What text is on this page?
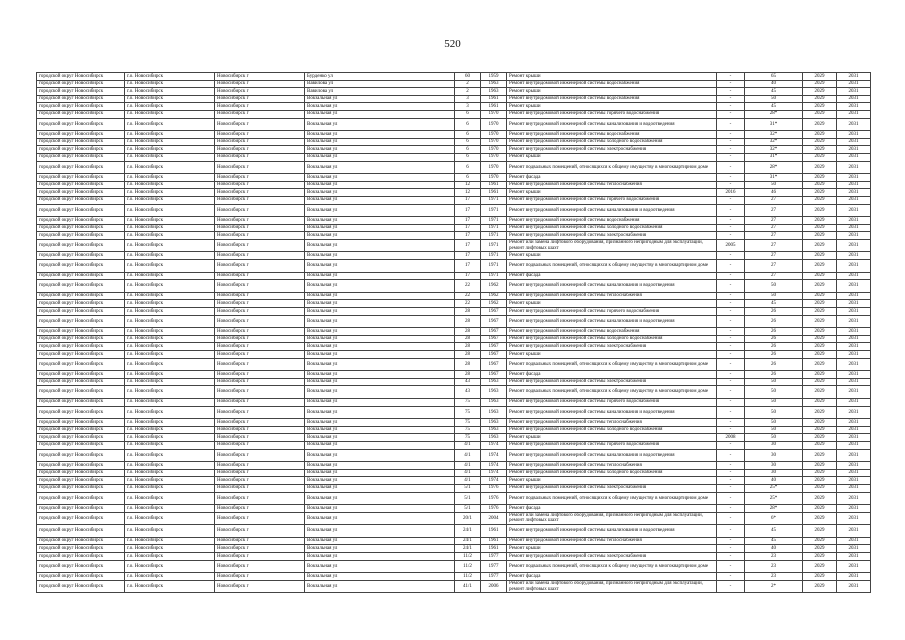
520
городской округ Новосибирск	г.о. Новосибирск	Новосибирск г	Бурденко ул	60	1959	Ремонт крыши	-	65	2029	2031
городской округ Новосибирск	г.о. Новосибирск	Новосибирск г	Вавилова ул	2	1963	Ремонт внутридомовой инженерной системы водоснабжения	-	40	2029	2031
городской округ Новосибирск	г.о. Новосибирск	Новосибирск г	Вавилова ул	2	1963	Ремонт крыши	-	45	2029	2031
городской округ Новосибирск	г.о. Новосибирск	Новосибирск г	Вокзальная ул	3	1961	Ремонт внутридомовой инженерной системы водоснабжения	-	50	2029	2031
городской округ Новосибирск	г.о. Новосибирск	Новосибирск г	Вокзальная ул	3	1961	Ремонт крыши	-	45	2029	2031
городской округ Новосибирск	г.о. Новосибирск	Новосибирск г	Вокзальная ул	6	1970	Ремонт внутридомовой инженерной системы горячего водоснабжения	-	28*	2029	2031
городской округ Новосибирск	г.о. Новосибирск	Новосибирск г	Вокзальная ул	6	1970	Ремонт внутридомовой инженерной системы канализования и водоотведения	-	31*	2029	2031
городской округ Новосибирск	г.о. Новосибирск	Новосибирск г	Вокзальная ул	6	1970	Ремонт внутридомовой инженерной системы водоснабжения	-	32*	2029	2031
городской округ Новосибирск	г.о. Новосибирск	Новосибирск г	Вокзальная ул	6	1970	Ремонт внутридомовой инженерной системы холодного водоснабжения	-	32*	2029	2031
городской округ Новосибирск	г.о. Новосибирск	Новосибирск г	Вокзальная ул	6	1970	Ремонт внутридомовой инженерной системы электроснабжения	-	32*	2029	2031
городской округ Новосибирск	г.о. Новосибирск	Новосибирск г	Вокзальная ул	6	1970	Ремонт крыши	-	31*	2029	2031
городской округ Новосибирск	г.о. Новосибирск	Новосибирск г	Вокзальная ул	6	1970	Ремонт подвальных помещений, относящихся к общему имуществу в многоквартирном доме	-	28*	2029	2031
городской округ Новосибирск	г.о. Новосибирск	Новосибирск г	Вокзальная ул	6	1970	Ремонт фасада	-	31*	2029	2031
городской округ Новосибирск	г.о. Новосибирск	Новосибирск г	Вокзальная ул	12	1961	Ремонт внутридомовой инженерной системы теплоснабжения	-	50	2029	2031
городской округ Новосибирск	г.о. Новосибирск	Новосибирск г	Вокзальная ул	12	1961	Ремонт крыши	2016	46	2029	2031
городской округ Новосибирск	г.о. Новосибирск	Новосибирск г	Вокзальная ул	17	1971	Ремонт внутридомовой инженерной системы горячего водоснабжения	-	27	2029	2031
городской округ Новосибирск	г.о. Новосибирск	Новосибирск г	Вокзальная ул	17	1971	Ремонт внутридомовой инженерной системы канализования и водоотведения	-	27	2029	2031
городской округ Новосибирск	г.о. Новосибирск	Новосибирск г	Вокзальная ул	17	1971	Ремонт внутридомовой инженерной системы водоснабжения	-	27	2029	2031
городской округ Новосибирск	г.о. Новосибирск	Новосибирск г	Вокзальная ул	17	1971	Ремонт внутридомовой инженерной системы холодного водоснабжения	-	27	2029	2031
городской округ Новосибирск	г.о. Новосибирск	Новосибирск г	Вокзальная ул	17	1971	Ремонт внутридомовой инженерной системы электроснабжения	-	27	2029	2031
городской округ Новосибирск	г.о. Новосибирск	Новосибирск г	Вокзальная ул	17	1971	Ремонт или замена лифтового оборудования, признанного непригодным для эксплуатации, ремонт лифтовых шахт	2005	27	2029	2031
городской округ Новосибирск	г.о. Новосибирск	Новосибирск г	Вокзальная ул	17	1971	Ремонт крыши	-	27	2029	2031
городской округ Новосибирск	г.о. Новосибирск	Новосибирск г	Вокзальная ул	17	1971	Ремонт подвальных помещений, относящихся к общему имуществу в многоквартирном доме	-	27	2029	2031
городской округ Новосибирск	г.о. Новосибирск	Новосибирск г	Вокзальная ул	17	1971	Ремонт фасада	-	27	2029	2031
городской округ Новосибирск	г.о. Новосибирск	Новосибирск г	Вокзальная ул	22	1962	Ремонт внутридомовой инженерной системы канализования и водоотведения	-	50	2029	2031
городской округ Новосибирск	г.о. Новосибирск	Новосибирск г	Вокзальная ул	22	1962	Ремонт внутридомовой инженерной системы теплоснабжения	-	50	2029	2031
городской округ Новосибирск	г.о. Новосибирск	Новосибирск г	Вокзальная ул	22	1962	Ремонт крыши	-	45	2029	2031
городской округ Новосибирск	г.о. Новосибирск	Новосибирск г	Вокзальная ул	28	1967	Ремонт внутридомовой инженерной системы горячего водоснабжения	-	26	2029	2031
городской округ Новосибирск	г.о. Новосибирск	Новосибирск г	Вокзальная ул	28	1967	Ремонт внутридомовой инженерной системы канализования и водоотведения	-	26	2029	2031
городской округ Новосибирск	г.о. Новосибирск	Новосибирск г	Вокзальная ул	28	1967	Ремонт внутридомовой инженерной системы водоснабжения	-	26	2029	2031
городской округ Новосибирск	г.о. Новосибирск	Новосибирск г	Вокзальная ул	28	1967	Ремонт внутридомовой инженерной системы холодного водоснабжения	-	26	2029	2031
городской округ Новосибирск	г.о. Новосибирск	Новосибирск г	Вокзальная ул	28	1967	Ремонт внутридомовой инженерной системы электроснабжения	-	26	2029	2031
городской округ Новосибирск	г.о. Новосибирск	Новосибирск г	Вокзальная ул	28	1967	Ремонт крыши	-	26	2029	2031
городской округ Новосибирск	г.о. Новосибирск	Новосибирск г	Вокзальная ул	28	1967	Ремонт подвальных помещений, относящихся к общему имуществу в многоквартирном доме	-	26	2029	2031
городской округ Новосибирск	г.о. Новосибирск	Новосибирск г	Вокзальная ул	28	1967	Ремонт фасада	-	26	2029	2031
городской округ Новосибирск	г.о. Новосибирск	Новосибирск г	Вокзальная ул	43	1963	Ремонт внутридомовой инженерной системы электроснабжения	-	50	2029	2031
городской округ Новосибирск	г.о. Новосибирск	Новосибирск г	Вокзальная ул	43	1963	Ремонт подвальных помещений, относящихся к общему имуществу в многоквартирном доме	-	50	2029	2031
городской округ Новосибирск	г.о. Новосибирск	Новосибирск г	Вокзальная ул	75	1963	Ремонт внутридомовой инженерной системы горячего водоснабжения	-	50	2029	2031
городской округ Новосибирск	г.о. Новосибирск	Новосибирск г	Вокзальная ул	75	1963	Ремонт внутридомовой инженерной системы канализования и водоотведения	-	50	2029	2031
городской округ Новосибирск	г.о. Новосибирск	Новосибирск г	Вокзальная ул	75	1963	Ремонт внутридомовой инженерной системы теплоснабжения	-	50	2029	2031
городской округ Новосибирск	г.о. Новосибирск	Новосибирск г	Вокзальная ул	75	1963	Ремонт внутридомовой инженерной системы холодного водоснабжения	-	50	2029	2031
городской округ Новосибирск	г.о. Новосибирск	Новосибирск г	Вокзальная ул	75	1963	Ремонт крыши	2008	50	2029	2031
городской округ Новосибирск	г.о. Новосибирск	Новосибирск г	Вокзальная ул	4/1	1974	Ремонт внутридомовой инженерной системы горячего водоснабжения	-	30	2029	2031
городской округ Новосибирск	г.о. Новосибирск	Новосибирск г	Вокзальная ул	4/1	1974	Ремонт внутридомовой инженерной системы канализования и водоотведения	-	30	2029	2031
городской округ Новосибирск	г.о. Новосибирск	Новосибирск г	Вокзальная ул	4/1	1974	Ремонт внутридомовой инженерной системы теплоснабжения	-	30	2029	2031
городской округ Новосибирск	г.о. Новосибирск	Новосибирск г	Вокзальная ул	4/1	1974	Ремонт внутридомовой инженерной системы холодного водоснабжения	-	30	2029	2031
городской округ Новосибирск	г.о. Новосибирск	Новосибирск г	Вокзальная ул	4/1	1974	Ремонт крыши	-	40	2029	2031
городской округ Новосибирск	г.о. Новосибирск	Новосибирск г	Вокзальная ул	5/1	1976	Ремонт внутридомовой инженерной системы электроснабжения	-	25*	2029	2031
городской округ Новосибирск	г.о. Новосибирск	Новосибирск г	Вокзальная ул	5/1	1976	Ремонт подвальных помещений, относящихся к общему имуществу в многоквартирном доме	-	25*	2029	2031
городской округ Новосибирск	г.о. Новосибирск	Новосибирск г	Вокзальная ул	5/1	1976	Ремонт фасада	-	28*	2029	2031
городской округ Новосибирск	г.о. Новосибирск	Новосибирск г	Вокзальная ул	20/1	2004	Ремонт или замена лифтового оборудования, признанного непригодным для эксплуатации, ремонт лифтовых шахт	-	6*	2029	2031
городской округ Новосибирск	г.о. Новосибирск	Новосибирск г	Вокзальная ул	24/1	1961	Ремонт внутридомовой инженерной системы канализования и водоотведения	-	45	2029	2031
городской округ Новосибирск	г.о. Новосибирск	Новосибирск г	Вокзальная ул	24/1	1961	Ремонт внутридомовой инженерной системы теплоснабжения	-	45	2029	2031
городской округ Новосибирск	г.о. Новосибирск	Новосибирск г	Вокзальная ул	24/1	1961	Ремонт крыши	-	40	2029	2031
городской округ Новосибирск	г.о. Новосибирск	Новосибирск г	Вокзальная ул	11/2	1977	Ремонт внутридомовой инженерной системы электроснабжения	-	23	2029	2031
городской округ Новосибирск	г.о. Новосибирск	Новосибирск г	Вокзальная ул	11/2	1977	Ремонт подвальных помещений, относящихся к общему имуществу в многоквартирном доме	-	23	2029	2031
городской округ Новосибирск	г.о. Новосибирск	Новосибирск г	Вокзальная ул	11/2	1977	Ремонт фасада	-	23	2029	2031
городской округ Новосибирск	г.о. Новосибирск	Новосибирск г	Вокзальная ул	41/1	2006	Ремонт или замена лифтового оборудования, признанного непригодным для эксплуатации, ремонт лифтовых шахт	-	2*	2029	2031
